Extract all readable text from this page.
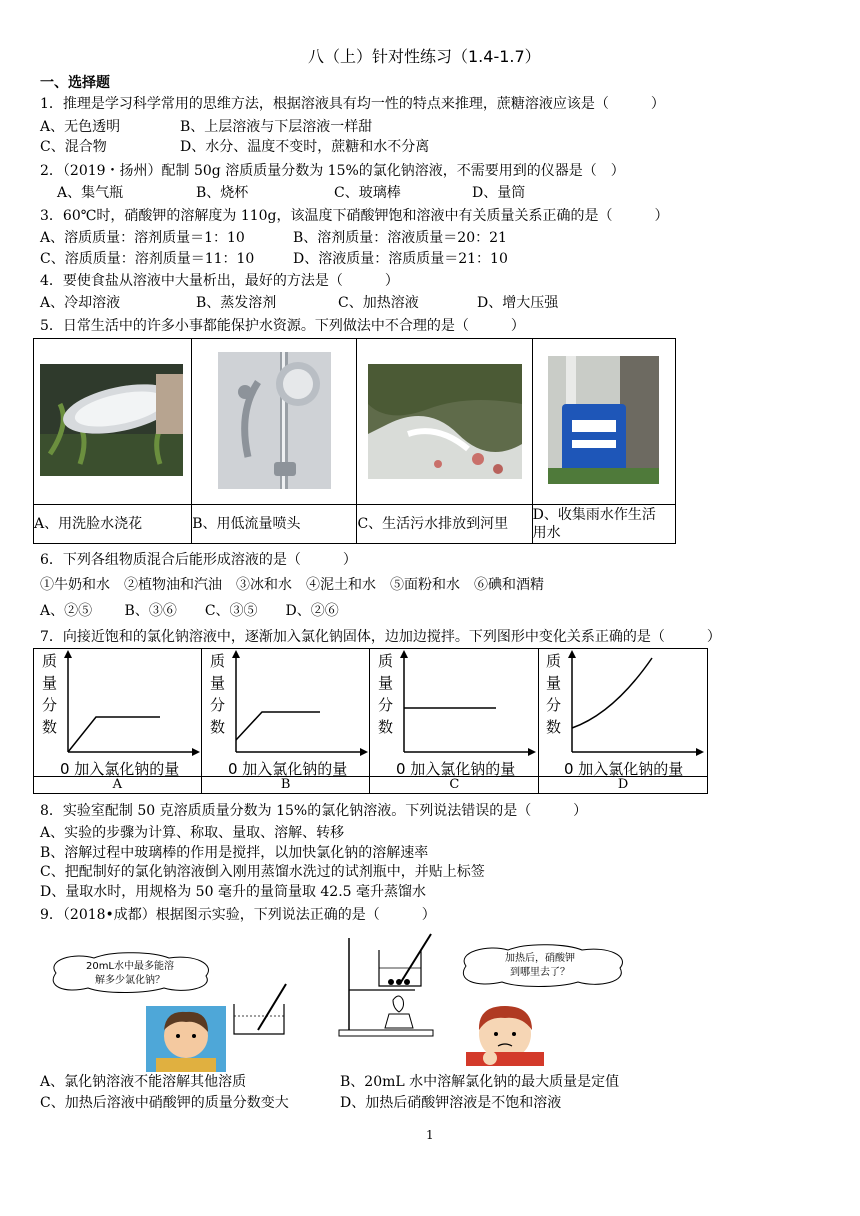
八（上）针对性练习（1.4-1.7）
一、选择题
1．推理是学习科学常用的思维方法，根据溶液具有均一性的特点来推理，蔗糖溶液应该是（　　　）
A、无色透明	B、上层溶液与下层溶液一样甜
C、混合物	D、水分、温度不变时，蔗糖和水不分离
2．（2019・扬州）配制 50g 溶质质量分数为 15%的氯化钠溶液，不需要用到的仪器是（　）
A、集气瓶	B、烧杯	C、玻璃棒	D、量筒
3．60℃时，硝酸钾的溶解度为 110g，该温度下硝酸钾饱和溶液中有关质量关系正确的是（　　　）
A、溶质质量：溶剂质量＝1：10	B、溶剂质量：溶液质量＝20：21
C、溶质质量：溶剂质量＝11：10	D、溶液质量：溶质质量＝21：10
4．要使食盐从溶液中大量析出，最好的方法是（　　　）
A、冷却溶液	B、蒸发溶剂	C、加热溶液	D、增大压强
5．日常生活中的许多小事都能保护水资源。下列做法中不合理的是（　　　）

A、用洗脸水浇花	B、用低流量喷头	C、生活污水排放到河里	D、收集雨水作生活
用水
6．下列各组物质混合后能形成溶液的是（　　　）
①牛奶和水　②植物油和汽油　③冰和水　④泥土和水　⑤面粉和水　⑥碘和酒精
A、②⑤　　 B、③⑥　　C、③⑤　　D、②⑥
7．向接近饱和的氯化钠溶液中，逐渐加入氯化钠固体，边加边搅拌。下列图形中变化关系正确的是（　　　）

A	B	C	D
质
量
分
数
0 加入氯化钠的量
质
量
分
数
0 加入氯化钠的量
质
量
分
数
0 加入氯化钠的量
质
量
分
数
0 加入氯化钠的量
8．实验室配制 50 克溶质质量分数为 15%的氯化钠溶液。下列说法错误的是（　　　）
A、实验的步骤为计算、称取、量取、溶解、转移
B、溶解过程中玻璃棒的作用是搅拌，以加快氯化钠的溶解速率
C、把配制好的氯化钠溶液倒入刚用蒸馏水洗过的试剂瓶中，并贴上标签
D、量取水时，用规格为 50 毫升的量筒量取 42.5 毫升蒸馏水
9．（2018•成都）根据图示实验，下列说法正确的是（　　　）
20mL水中最多能溶
解多少氯化钠？
加热后，硝酸钾
到哪里去了？
A、氯化钠溶液不能溶解其他溶质	B、20mL 水中溶解氯化钠的最大质量是定值
C、加热后溶液中硝酸钾的质量分数变大	D、加热后硝酸钾溶液是不饱和溶液
1
